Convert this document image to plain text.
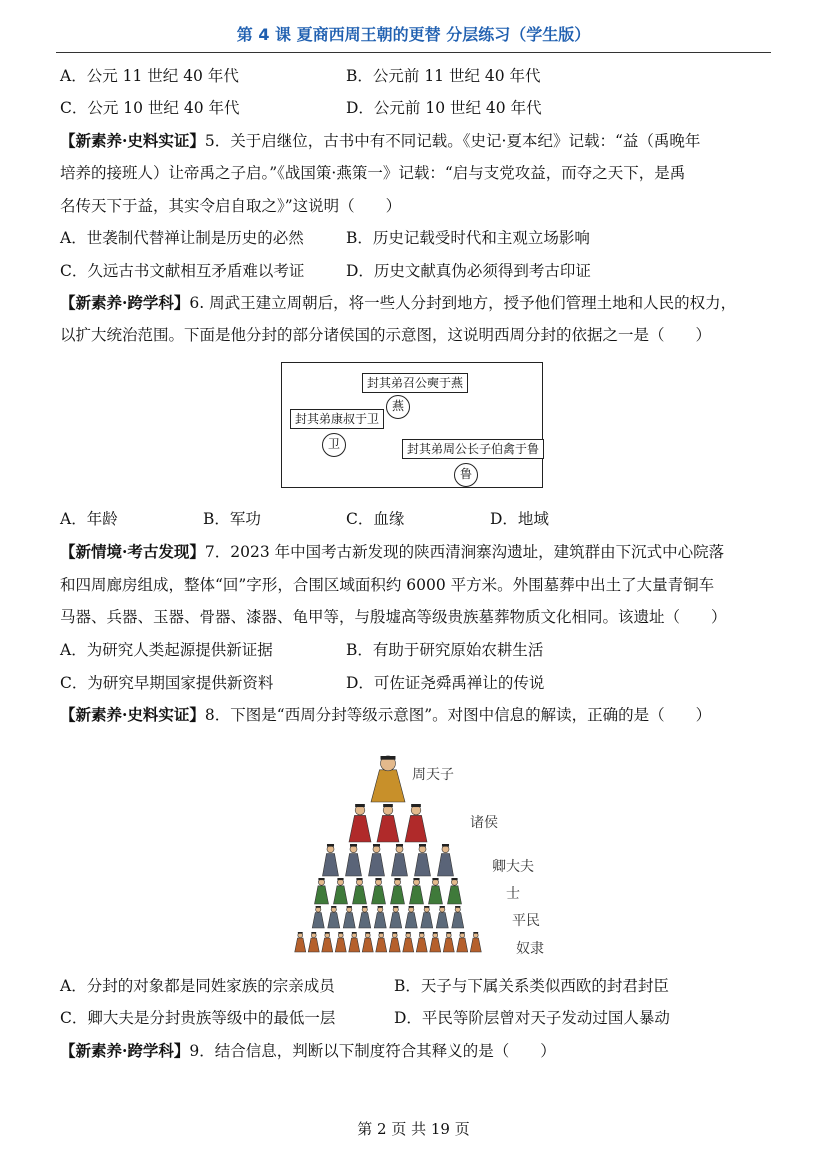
第 4 课 夏商西周王朝的更替 分层练习（学生版）
A．公元 11 世纪 40 年代	B．公元前 11 世纪 40 年代
C．公元 10 世纪 40 年代	D．公元前 10 世纪 40 年代
【新素养·史料实证】5．关于启继位，古书中有不同记载。《史记·夏本纪》记载：“益（禹晚年
培养的接班人）让帝禹之子启。”《战国策·燕策一》记载：“启与支党攻益，而夺之天下，是禹
名传天下于益，其实令启自取之》”这说明（　　）
A．世袭制代替禅让制是历史的必然	B．历史记载受时代和主观立场影响
C．久远古书文献相互矛盾难以考证	D．历史文献真伪必须得到考古印证
【新素养·跨学科】6. 周武王建立周朝后，将一些人分封到地方，授予他们管理土地和人民的权力，
以扩大统治范围。下面是他分封的部分诸侯国的示意图，这说明西周分封的依据之一是（　　）
封其弟召公奭于燕
燕
封其弟康叔于卫
卫	封其弟周公长子伯禽于鲁
鲁
A．年龄	B．军功	C．血缘	D．地域
【新情境·考古发现】7．2023 年中国考古新发现的陕西清涧寨沟遗址，建筑群由下沉式中心院落
和四周廊房组成，整体“回”字形，合围区域面积约 6000 平方米。外围墓葬中出土了大量青铜车
马器、兵器、玉器、骨器、漆器、龟甲等，与殷墟高等级贵族墓葬物质文化相同。该遗址（　　）
A．为研究人类起源提供新证据	B．有助于研究原始农耕生活
C．为研究早期国家提供新资料	D．可佐证尧舜禹禅让的传说
【新素养·史料实证】8．下图是“西周分封等级示意图”。对图中信息的解读，正确的是（　　）
周天子
诸侯
卿大夫
士
平民
奴隶
A．分封的对象都是同姓家族的宗亲成员	B．天子与下属关系类似西欧的封君封臣
C．卿大夫是分封贵族等级中的最低一层	D．平民等阶层曾对天子发动过国人暴动
【新素养·跨学科】9．结合信息，判断以下制度符合其释义的是（　　）
第 2 页 共 19 页
